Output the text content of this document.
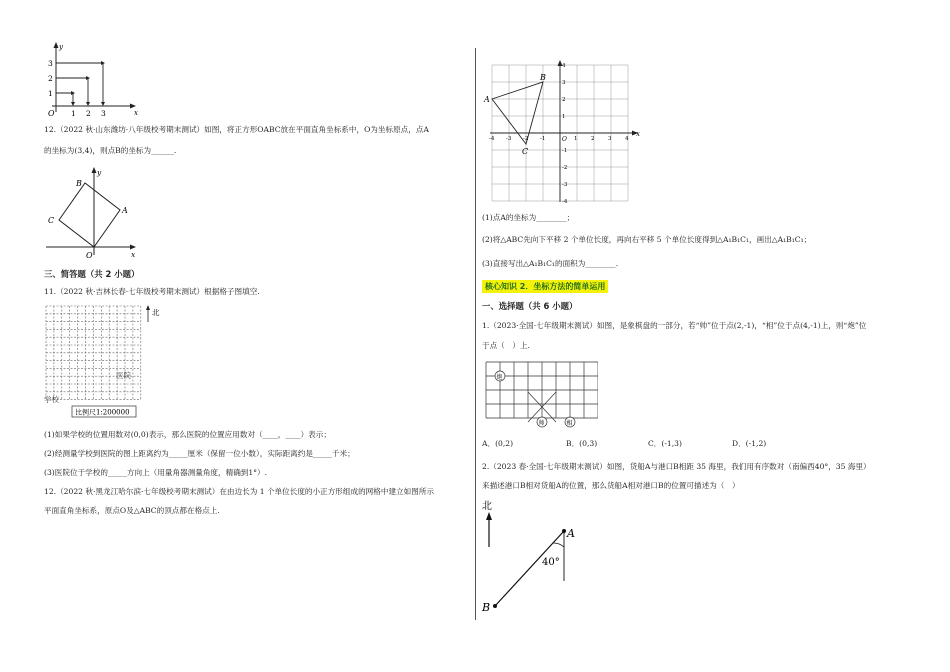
y
x
O 1 2 3
1
2
3
12.（2022 秋·山东潍坊·八年级校考期末测试）如图，将正方形OABC放在平面直角坐标系中，O为坐标原点，点A
的坐标为(3,4)，则点B的坐标为______.
y
x
O
A
B
C
三、简答题（共 2 小题）
11.（2022 秋·吉林长春·七年级校考期末测试）根据格子图填空.
医院
学校
北
比例尺1:200000
(1)如果学校的位置用数对(0,0)表示，那么医院的位置应用数对（____，____）表示；
(2)经测量学校到医院的图上距离约为_____厘米（保留一位小数），实际距离约是_____千米；
(3)医院位于学校的_____方向上（用量角器测量角度，精确到1°）.
12.（2022 秋·黑龙江哈尔滨·七年级校考期末测试）在由边长为 1 个单位长度的小正方形组成的网格中建立如图所示
平面直角坐标系，原点O及△ABC的顶点都在格点上.
A
B
C
x
O
-4 -3 -2 -1	1 2 3 4
4
3
2
1
-1
-2
-3
-4
(1)点A的坐标为________；
(2)将△ABC先向下平移 2 个单位长度，再向右平移 5 个单位长度得到△A₁B₁C₁，画出△A₁B₁C₁；
(3)直接写出△A₁B₁C₁的面积为________.
核心知识 2．坐标方法的简单运用
一、选择题（共 6 小题）
1.（2023·全国·七年级期末测试）如图，是象棋盘的一部分，若“帅”位于点(2,-1)，“相”位于点(4,-1)上，则“炮”位
于点（　）上.
炮
帅	相
A．(0,2)	B．(0,3)	C．(-1,3)	D．(-1,2)
2.（2023 春·全国·七年级期末测试）如图，货船A与港口B相距 35 海里，我们用有序数对（南偏西40°，35 海里）
来描述港口B相对货船A的位置，那么货船A相对港口B的位置可描述为（　）
北
A
B
40°
